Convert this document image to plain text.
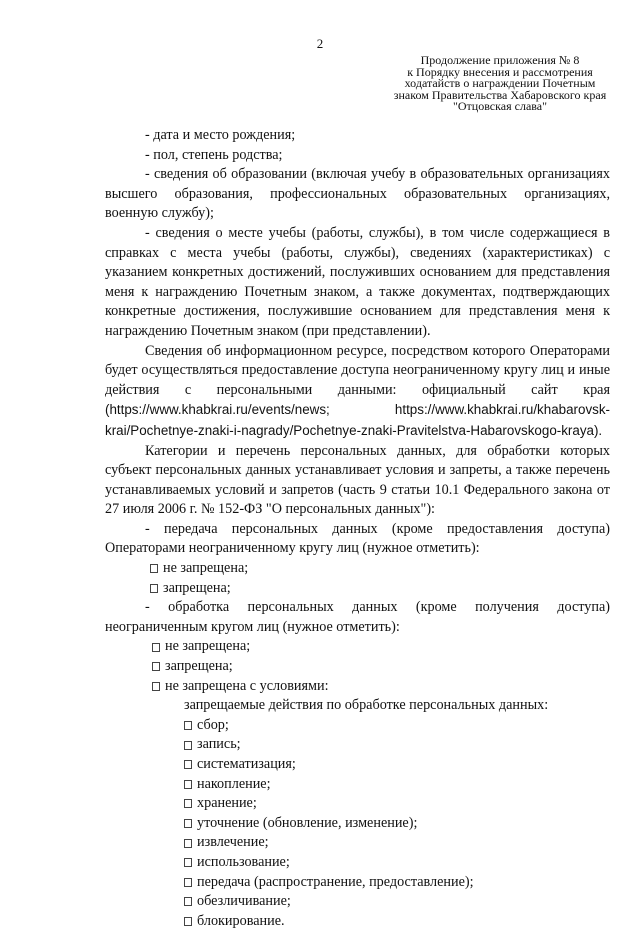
2
Продолжение приложения № 8
к Порядку внесения и рассмотрения
ходатайств о награждении Почетным
знаком Правительства Хабаровского края
"Отцовская слава"

- дата и место рождения;

- пол, степень родства;

- сведения об образовании (включая учебу в образовательных организациях высшего образования, профессиональных образовательных организациях, военную службу);

- сведения о месте учебы (работы, службы), в том числе содержащиеся в справках с места учебы (работы, службы), сведениях (характеристиках) с указанием конкретных достижений, послуживших основанием для представления меня к награждению Почетным знаком, а также документах, подтверждающих конкретные достижения, послужившие основанием для представления меня к награждению Почетным знаком (при представлении).

Сведения об информационном ресурсе, посредством которого Операторами будет осуществляться предоставление доступа неограниченному кругу лиц и иные действия с персональными данными: официальный сайт края (https://www.khabkrai.ru/events/news; https://www.khabkrai.ru/khabarovsk-krai/Pochetnye-znaki-i-nagrady/Pochetnye-znaki-Pravitelstva-Habarovskogo-kraya).

Категории и перечень персональных данных, для обработки которых субъект персональных данных устанавливает условия и запреты, а также перечень устанавливаемых условий и запретов (часть 9 статьи 10.1 Федерального закона от 27 июля 2006 г. № 152-ФЗ "О персональных данных"):

- передача персональных данных (кроме предоставления доступа) Операторами неограниченному кругу лиц (нужное отметить):

не запрещена;
запрещена;

- обработка персональных данных (кроме получения доступа) неограниченным кругом лиц (нужное отметить):

не запрещена;
запрещена;
не запрещена с условиями:
запрещаемые действия по обработке персональных данных:
сбор;
запись;
систематизация;
накопление;
хранение;
уточнение (обновление, изменение);
извлечение;
использование;
передача (распространение, предоставление);
обезличивание;
блокирование.
